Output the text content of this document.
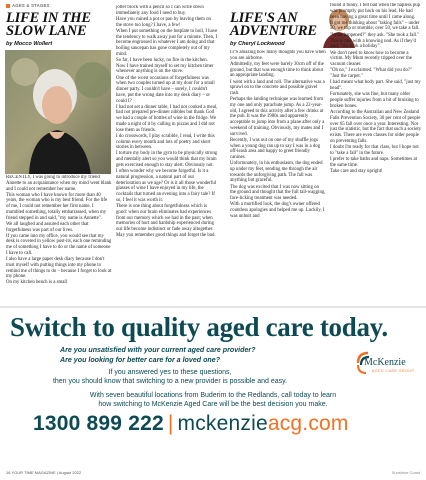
AGES & STAGES
LIFE IN THE
SLOW LANE
by Mocco Wollert

RECENTLY, I was going to introduce my friend Annette to an acquaintance when my mind went blank and I could not remember her name.

This woman who I have known for more than 40 years, the woman who is my best friend. For the life of me, I could not remember her first name. I mumbled something, totally embarrassed, when my friend stepped in and said, "my name is Annette".

We all laughed and assured each other that forgetfulness was part of our lives.

If you came into my office, you would see that my desk is covered in yellow post-its, each one reminding me of something I have to do or the name of someone I have to call.

I also have a large paper desk diary because I don't trust myself with putting things into my phone to remind me of things to do – because I forget to look at my phone.

On my kitchen bench is a small

jotter block with a pencil so I can write down immediately any food I need to buy.

Have you ruined a pot or pan by leaving them on the stove too long? I have, a few!

When I put something on the hotplate to boil, I have the tendency to walk away just for a minute. Then, I become engrossed in whatever I am doing and that boiling saucepan has gone completely out of my mind.

So far, I have been lucky, no fire in the kitchen. Now I have trained myself to set my kitchen timer whenever anything is on the stove.

One of the worst occasions of forgetfulness was when two couples turned up at my door for a small dinner party. I couldn't have – surely, I couldn't have, put the wrong date into my desk diary – or could I?

I had not set a dinner table, I had not cooked a meal, had not prepared pre-dinner nibbles but thank God we had a couple of bottles of wine in the fridge. We made a night of it by calling in pizzas and I did not lose them as friends.

I do crosswords, I play scrabble, I read, I write this column every month and lots of poetry and short stories in between.

I torture my body in the gym to be physically strong and mentally alert so you would think that my brain gets exercised enough to stay alert. Obviously not.

I often wonder why we become forgetful. Is it a natural progression, a natural part of our deterioration as we age? Or is it all those wonderful glasses of wine I have enjoyed in my life, the cocktails that turned an evening into a fairy tale? If so, I feel it was worth it.

There is one thing about forgetfulness which is good: when our brain eliminates bad experiences from our memory which we had in the past; when memories of hurt and hardship experienced during our life become indistinct or fade away altogether.

May you remember good things and forget the bad.

LIFE'S AN
ADVENTURE
by Cheryl Lockwood

IT'S amazing how many thoughts you have when you are airborne.

Admittedly, my feet were barely 30cm off of the ground, but that was enough time to think about an appropriate landing.

I went with a land and roll. The alternative was a sprawl on to the concrete and possible gravel rash.

Perhaps the landing technique was learned from my one and only parachute jump. As a 22-year-old, I agreed to this activity after a few drinks at the pub. It was the 1980s and apparently acceptable to jump into from a plane after only a weekend of training. Obviously, my mates and I survived.

Recently, I was out on one of my shuffle jogs when a young dog ran up to say I was in a dog off-leash area and happy to greet friendly canines.

Unfortunately, in his enthusiasm, the dog ended up under my feet, sending me through the air towards the unforgiving path. The fall was anything but graceful.

The dog was excited that I was now sitting on the ground and thought that the full tail-wagging, face-licking treatment was needed.

With a mortified look, the dog's owner offered countless apologies and helped me up. Luckily, I was unhurt and

found it funny. I fell bad when the hapless pup was promptly put back on his lead. He had been having a great time until I came along.

It got me thinking about "taking falls" – under 50, we trip or stumble; over 50, we take a fall.

"What happened?" they ask. "She took a fall."

This is met with a knowing nod. As if they'd said, "she took a holiday".

We don't need to know how to become a victim. My Mum recently tripped over the vacuum cleaner.

"Oh no," I exclaimed. "What did you do?"

"Just the carpet."

I had meant what body part. She said, "just my head".

Fortunately, she was fine, but many older people suffer injuries from a bit of bruising to broken bones.

According to the Australian and New Zealand Falls Prevention Society, 30 per cent of people over 65 fall over once a year. Interesting. Not just the statistic, but the fact that such a society exists. There are even classes for older people on preventing falls.

I doubt I'm ready for that class, but I hope not to "take a fall" in the future.

I prefer to take baths and naps. Sometimes at the same time.

Take care and stay upright!

Switch to quality aged care today.
Are you unsatisfied with your current aged care provider?
Are you looking for better care for a loved one?
If you answered yes to these questions,
then you should know that switching to a new provider is possible and easy.
With seven beautiful locations from Buderim to the Redlands, call today to learn
how switching to McKenzie Aged Care will be the best decision you make.
1300 899 222 | mckenzieacg.com
McKenzie
AGED CARE GROUP
16 YOUR TIME MAGAZINE | August 2022	Sunshine Coast
